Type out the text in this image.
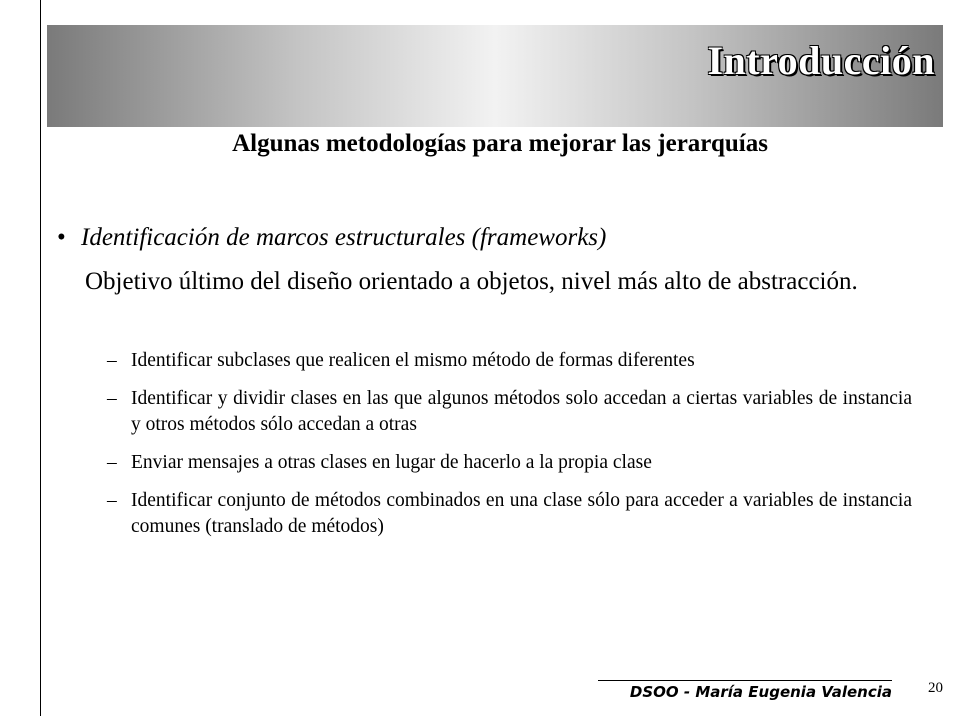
Introducción
Algunas metodologías para mejorar las jerarquías
• Identificación de marcos estructurales (frameworks)
Objetivo último del diseño orientado a objetos, nivel más alto de abstracción.
– Identificar subclases que realicen el mismo método de formas diferentes
– Identificar y dividir clases en las que algunos métodos solo accedan a ciertas variables de instancia y otros métodos sólo accedan a otras
– Enviar mensajes a otras clases en lugar de hacerlo a la propia clase
– Identificar conjunto de métodos combinados en una clase sólo para acceder a variables de instancia comunes (translado de métodos)
DSOO - María Eugenia Valencia 20
